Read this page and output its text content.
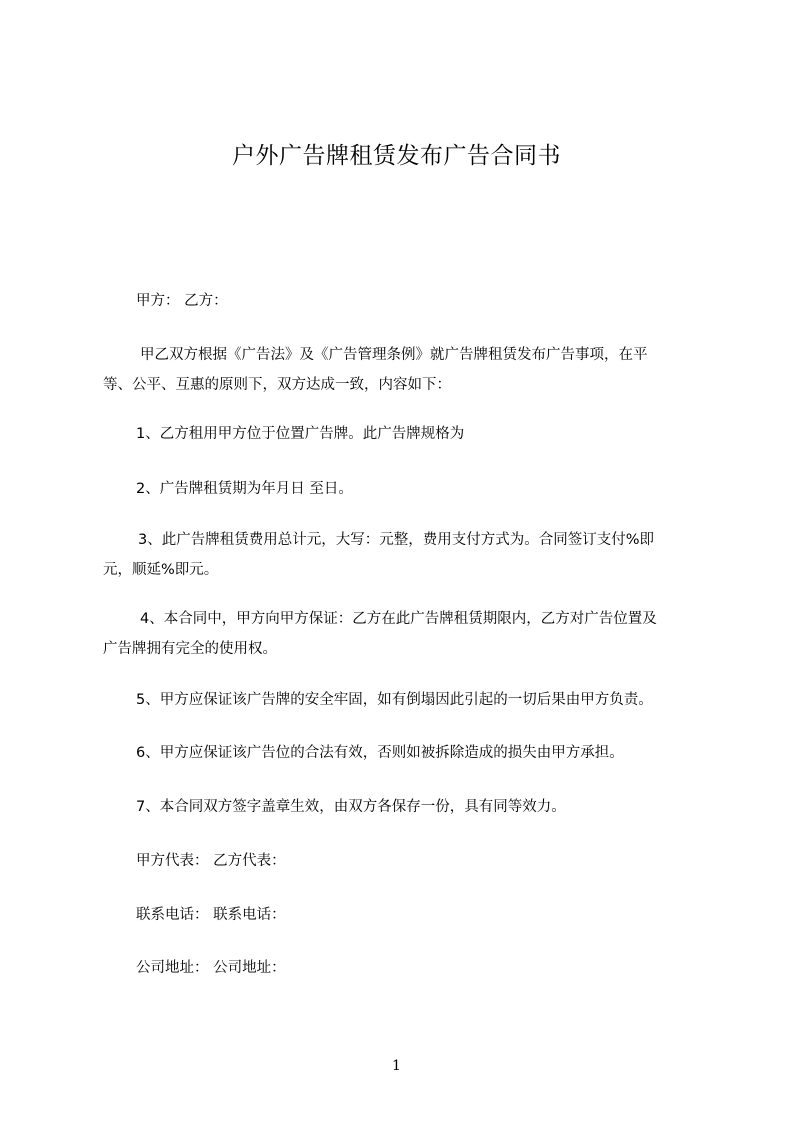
户外广告牌租赁发布广告合同书
甲方： 乙方：
甲乙双方根据《广告法》及《广告管理条例》就广告牌租赁发布广告事项，在平
等、公平、互惠的原则下，双方达成一致，内容如下：
1、乙方租用甲方位于位置广告牌。此广告牌规格为
2、广告牌租赁期为年月日 至日。
3、此广告牌租赁费用总计元，大写：元整，费用支付方式为。合同签订支付%即
元，顺延%即元。
4、本合同中，甲方向甲方保证：乙方在此广告牌租赁期限内，乙方对广告位置及
广告牌拥有完全的使用权。
5、甲方应保证该广告牌的安全牢固，如有倒塌因此引起的一切后果由甲方负责。
6、甲方应保证该广告位的合法有效，否则如被拆除造成的损失由甲方承担。
7、本合同双方签字盖章生效，由双方各保存一份，具有同等效力。
甲方代表： 乙方代表：
联系电话： 联系电话：
公司地址： 公司地址：
1
